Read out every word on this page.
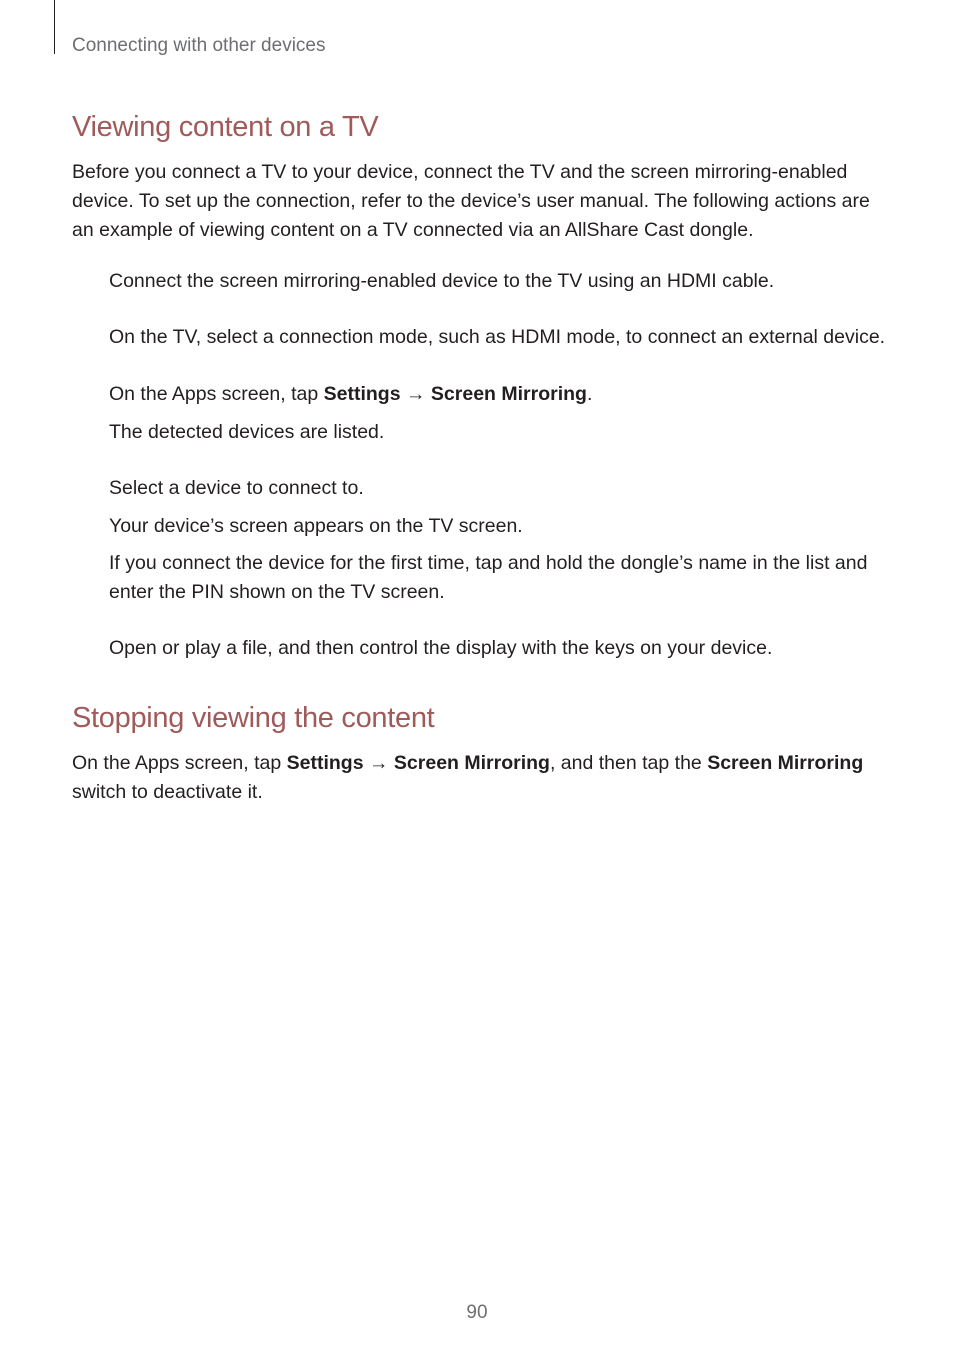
Connecting with other devices
Viewing content on a TV

Before you connect a TV to your device, connect the TV and the screen mirroring-enabled device. To set up the connection, refer to the device’s user manual. The following actions are an example of viewing content on a TV connected via an AllShare Cast dongle.

Connect the screen mirroring-enabled device to the TV using an HDMI cable.

On the TV, select a connection mode, such as HDMI mode, to connect an external device.

On the Apps screen, tap Settings → Screen Mirroring.

The detected devices are listed.

Select a device to connect to.

Your device’s screen appears on the TV screen.

If you connect the device for the first time, tap and hold the dongle’s name in the list and enter the PIN shown on the TV screen.

Open or play a file, and then control the display with the keys on your device.

Stopping viewing the content

On the Apps screen, tap Settings → Screen Mirroring, and then tap the Screen Mirroring switch to deactivate it.

90
